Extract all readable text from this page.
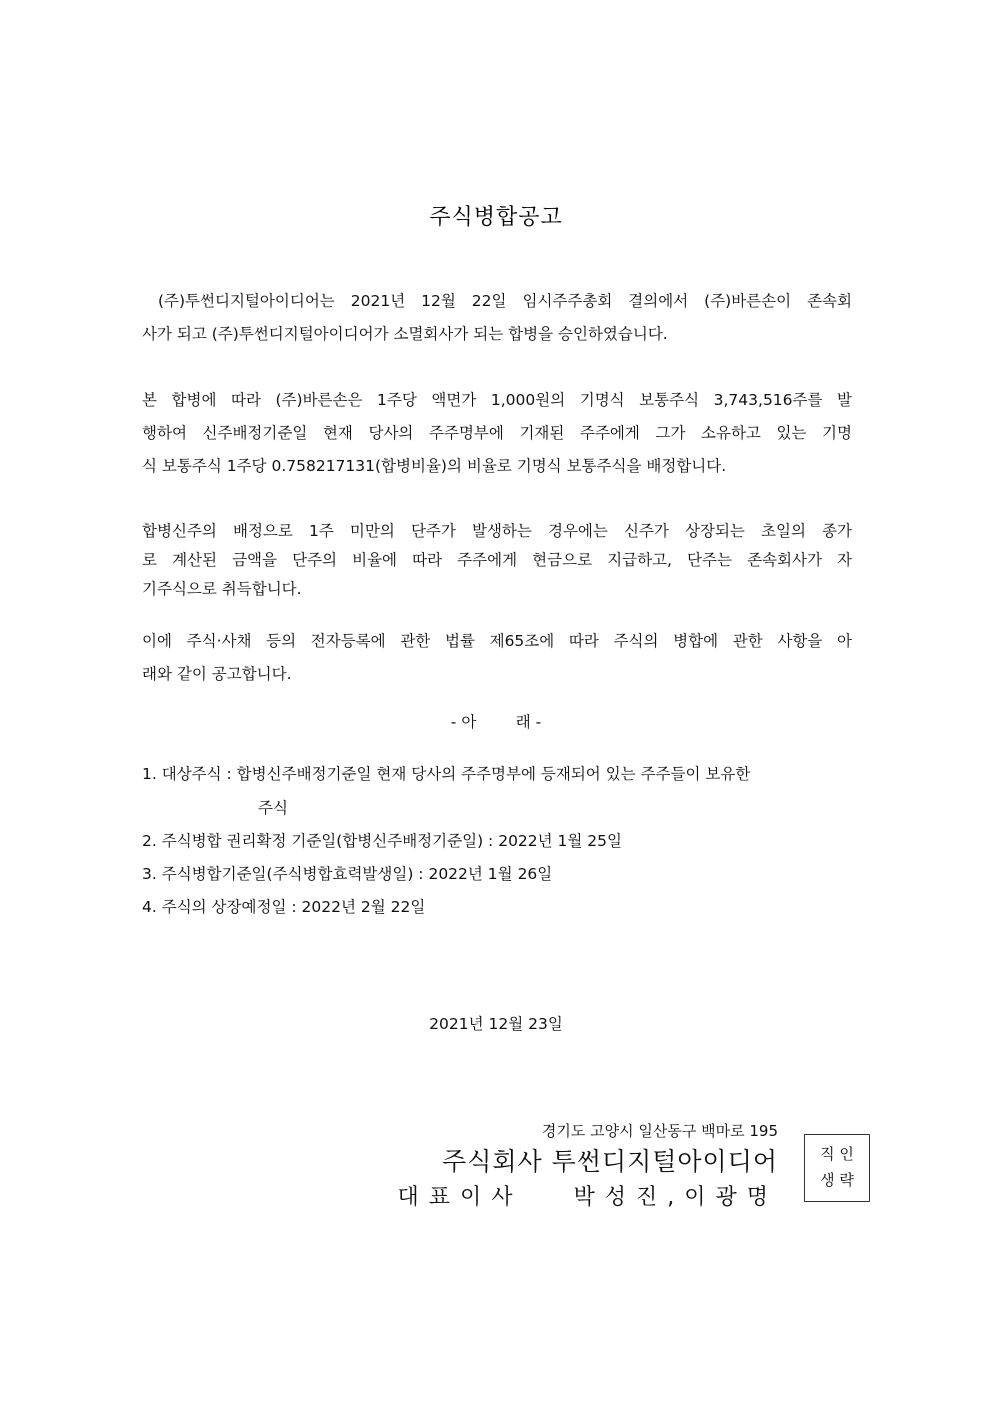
주식병합공고
(주)투썬디지털아이디어는 2021년 12월 22일 임시주주총회 결의에서 (주)바른손이 존속회
사가 되고 (주)투썬디지털아이디어가 소멸회사가 되는 합병을 승인하였습니다.
본 합병에 따라 (주)바른손은 1주당 액면가 1,000원의 기명식 보통주식 3,743,516주를 발
행하여 신주배정기준일 현재 당사의 주주명부에 기재된 주주에게 그가 소유하고 있는 기명
식 보통주식 1주당 0.758217131(합병비율)의 비율로 기명식 보통주식을 배정합니다.
합병신주의 배정으로 1주 미만의 단주가 발생하는 경우에는 신주가 상장되는 초일의 종가
로 계산된 금액을 단주의 비율에 따라 주주에게 현금으로 지급하고, 단주는 존속회사가 자
기주식으로 취득합니다.
이에 주식·사채 등의 전자등록에 관한 법률 제65조에 따라 주식의 병합에 관한 사항을 아
래와 같이 공고합니다.
- 아        래 -
1. 대상주식 : 합병신주배정기준일 현재 당사의 주주명부에 등재되어 있는 주주들이 보유한
주식
2. 주식병합 권리확정 기준일(합병신주배정기준일) : 2022년 1월 25일
3. 주식병합기준일(주식병합효력발생일) : 2022년 1월 26일
4. 주식의 상장예정일 : 2022년 2월 22일
2021년 12월 23일
경기도 고양시 일산동구 백마로 195
주식회사 투썬디지털아이디어
대표이사   박성진,이광명
직 인
생 략
